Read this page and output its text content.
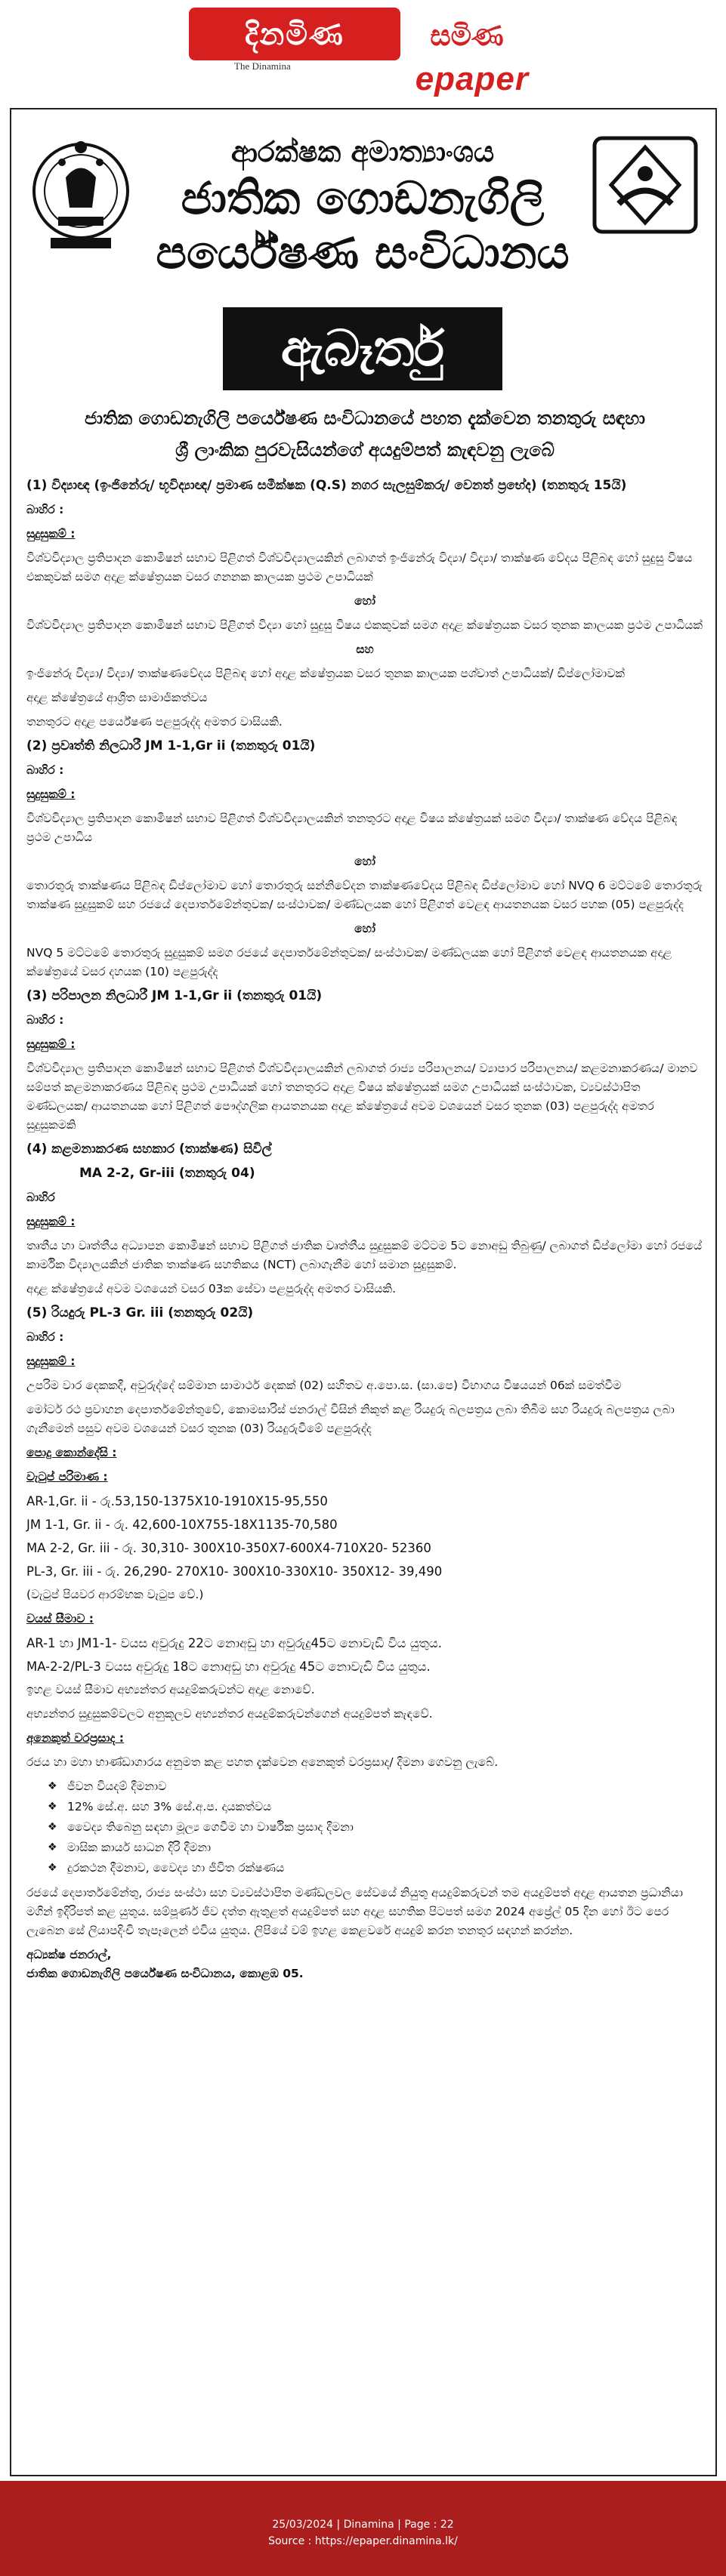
දිනමිණ	සමිණ
The Dinamina	epaper
ආරක්ෂක අමාත්‍යාංශය
ජාතික ගොඩනැගිලි
පර්යේෂණ සංවිධානය
ඇබෑර්තු
ජාතික ගොඩනැගිලි පර්යේෂණ සංවිධානයේ පහත දැක්වෙන තනතුරු සඳහා
ශ්‍රී ලාංකික පුරවැසියන්ගේ අයදුම්පත් කැඳවනු ලැබේ
(1) විද්‍යාඥ (ඉංජිනේරු/ භූවිද්‍යාඥ/ ප්‍රමාණ සමීක්ෂක (Q.S) නගර සැලසුම්කරු/ වෙනත් ප්‍රභේද) (තනතුරු 15යි)
බාහිර :
සුදුසුකම් :
විශ්වවිද්‍යාල ප්‍රතිපාදන කොමිෂන් සභාව පිළිගත් විශ්වවිද්‍යාලයකින් ලබාගත් ඉංජිනේරු විද්‍යා/ විද්‍යා/ තාක්ෂණ වේදය පිළිබඳ හෝ සුදුසු විෂය එකකුවක් සමග අදාළ ක්ෂේත්‍රයක වසර ගනනක කාලයක ප්‍රථම උපාධියක්
හෝ
විශ්වවිද්‍යාල ප්‍රතිපාදන කොමිෂන් සභාව පිළිගත් විද්‍යා හෝ සුදුසු විෂය එකකුවක් සමග අදාළ ක්ෂේත්‍රයක වසර තුනක කාලයක ප්‍රථම උපාධියක්
සහ
ඉංජිනේරු විද්‍යා/ විද්‍යා/ තාක්ෂණවේදය පිළිබඳ හෝ අදාළ ක්ෂේත්‍රයක වසර තුනක කාලයක පශ්චාත් උපාධියක්/ ඩිප්ලෝමාවක්
අදාළ ක්ෂේත්‍රයේ ආශ්‍රිත සාමාජිකත්වය
තනතුරට අදාළ පර්යේෂණ පළපුරුද්ද අමතර වාසියකි.
(2) ප්‍රවෘත්ති නිලධාරී JM 1-1,Gr ii (තනතුරු 01යි)
බාහිර :
සුදුසුකම් :
විශ්වවිද්‍යාල ප්‍රතිපාදන කොමිෂන් සභාව පිළිගත් විශ්වවිද්‍යාලයකින් තනතුරට අදාළ විෂය ක්ෂේත්‍රයක් සමග විද්‍යා/ තාක්ෂණ වේදය පිළිබඳ ප්‍රථම උපාධිය
හෝ
තොරතුරු තාක්ෂණය පිළිබඳ ඩිප්ලෝමාව හෝ තොරතුරු සන්නිවේදන තාක්ෂණවේදය පිළිබඳ ඩිප්ලෝමාව හෝ NVQ 6 මට්ටමේ තොරතුරු තාක්ෂණ සුදුසුකම් සහ රජයේ දෙපාර්තමේන්තුවක/ සංස්ථාවක/ මණ්ඩලයක හෝ පිළිගත් වෙළඳ ආයතනයක වසර පහක (05) පළපුරුද්ද
හෝ
NVQ 5 මට්ටමේ තොරතුරු සුදුසුකම් සමග රජයේ දෙපාර්තමේන්තුවක/ සංස්ථාවක/ මණ්ඩලයක හෝ පිළිගත් වෙළඳ ආයතනයක අදාළ ක්ෂේත්‍රයේ වසර දහයක (10) පළපුරුද්ද
(3) පරිපාලන නිලධාරී JM 1-1,Gr ii (තනතුරු 01යි)
බාහිර :
සුදුසුකම් :
විශ්වවිද්‍යාල ප්‍රතිපාදන කොමිෂන් සභාව පිළිගත් විශ්වවිද්‍යාලයකින් ලබාගත් රාජ්‍ය පරිපාලනය/ ව්‍යාපාර පරිපාලනය/ කළමනාකරණය/ මානව සම්පත් කළමනාකරණය පිළිබඳ ප්‍රථම උපාධියක් හෝ තනතුරට අදාළ විෂය ක්ෂේත්‍රයක් සමග උපාධියක් සංස්ථාවක, ව්‍යවස්ථාපිත මණ්ඩලයක/ ආයතනයක හෝ පිළිගත් පෞද්ගලික ආයතනයක අදාළ ක්ෂේත්‍රයේ අවම වශයෙන් වසර තුනක (03) පළපුරුද්ද අමතර සුදුසුකමකි
(4) කළමනාකරණ සහකාර (තාක්ෂණ) සිවිල්
MA 2-2, Gr-iii (තනතුරු 04)
බාහිර
සුදුසුකම් :
තෘතීය හා වෘත්තීය අධ්‍යාපන කොමිෂන් සභාව පිළිගත් ජාතික වෘත්තීය සුදුසුකම් මට්ටම 5ට නොඅඩු තිබුණු/ ලබාගත් ඩිප්ලෝමා හෝ රජයේ කාර්මික විද්‍යාලයකින් ජාතික තාක්ෂණ සහතිකය (NCT) ලබාගැනීම හෝ සමාන සුදුසුකම්.
අදාළ ක්ෂේත්‍රයේ අවම වශයෙන් වසර 03ක සේවා පළපුරුද්ද අමතර වාසියකි.
(5) රියදුරු PL-3 Gr. iii (තනතුරු 02යි)
බාහිර :
සුදුසුකම් :
උපරිම වාර දෙකකදී, අවුරුද්දේ සම්මාන සාමාර්ථ දෙකක් (02) සහිතව අ.පො.ස. (සා.පෙ) විභාගය විෂයයන් 06ක් සමත්වීම
මෝටර් රථ ප්‍රවාහන දෙපාර්තමේන්තුවේ, කොමසාරිස් ජනරාල් විසින් නිකුත් කළ රියදුරු බලපත්‍රය ලබා තිබීම සහ රියදුරු බලපත්‍රය ලබා ගැනීමෙන් පසුව අවම වශයෙන් වසර තුනක (03) රියදුරුවීමේ පළපුරුද්ද
පොදු කොන්දේසි :
වැටුප් පරිමාණ :
AR-1,Gr. ii - රු.53,150-1375X10-1910X15-95,550
JM 1-1, Gr. ii - රු. 42,600-10X755-18X1135-70,580
MA 2-2, Gr. iii - රු. 30,310- 300X10-350X7-600X4-710X20- 52360
PL-3, Gr. iii - රු. 26,290- 270X10- 300X10-330X10- 350X12- 39,490
(වැටුප් පියවර ආරම්භක වැටුප වේ.)
වයස් සීමාව :
AR-1 හා JM1-1- වයස අවුරුදු 22ට නොඅඩු හා අවුරුදු45ට නොවැඩි විය යුතුය.
MA-2-2/PL-3 වයස අවුරුදු 18ට නොඅඩු හා අවුරුදු 45ට නොවැඩි විය යුතුය.
ඉහළ වයස් සීමාව අභ්‍යන්තර අයදුම්කරුවන්ට අදාළ නොවේ.
අභ්‍යන්තර සුදුසුකම්වලට අනුකූලව අභ්‍යන්තර අයදුම්කරුවන්ගෙන් අයදුම්පත් කැඳවේ.
අනෙකුත් වරප්‍රසාද :
රජය හා මහා භාණ්ඩාගාරය අනුමත කළ පහත දැක්වෙන අනෙකුත් වරප්‍රසාද/ දීමනා ගෙවනු ලැබේ.
❖ ජීවන වියදම් දීමනාව
❖ 12% සේ.අ. සහ 3% සේ.අ.ප. දායකත්වය
❖ වෛද්‍ය තිබෙනු සඳහා මූල්‍ය ගෙවීම හා වාර්ෂික ප්‍රසාද දීමනා
❖ මාසික කාර්ය සාධන දිරි දීමනා
❖ දුරකථන දීමනාව, වෛද්‍ය හා ජීවිත රක්ෂණය
රජයේ දෙපාර්තමේන්තු, රාජ්‍ය සංස්ථා සහ ව්‍යවස්ථාපිත මණ්ඩලවල සේවයේ නියුතු අයදුම්කරුවන් තම අයදුම්පත් අදාළ ආයතන ප්‍රධානියා මගින් ඉදිරිපත් කළ යුතුය. සම්පූර්ණ ජීව දත්ත ඇතුළත් අයදුම්පත් සහ අදාළ සහතික පිටපත් සමග 2024 අප්‍රේල් 05 දින හෝ ඊට පෙර ලැබෙන සේ ලියාපදිංචි තැපෑලෙන් එවිය යුතුය. ලිපියේ වම් ඉහළ කෙළවරේ අයදුම් කරන තනතුර සඳහන් කරන්න.
අධ්‍යක්ෂ ජනරාල්,
ජාතික ගොඩනැගිලි පර්යේෂණ සංවිධානය, කොළඹ 05.
25/03/2024 | Dinamina | Page : 22
Source : https://epaper.dinamina.lk/
